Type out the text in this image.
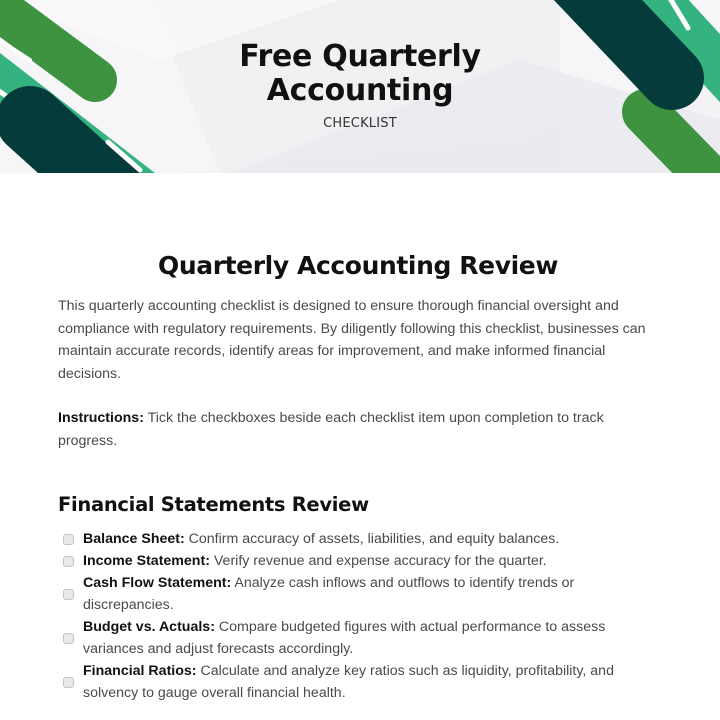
Free Quarterly
Accounting
CHECKLIST
Quarterly Accounting Review

This quarterly accounting checklist is designed to ensure thorough financial oversight and compliance with regulatory requirements. By diligently following this checklist, businesses can maintain accurate records, identify areas for improvement, and make informed financial decisions.

Instructions: Tick the checkboxes beside each checklist item upon completion to track progress.

Financial Statements Review
Balance Sheet: Confirm accuracy of assets, liabilities, and equity balances.
Income Statement: Verify revenue and expense accuracy for the quarter.
Cash Flow Statement: Analyze cash inflows and outflows to identify trends or discrepancies.
Budget vs. Actuals: Compare budgeted figures with actual performance to assess variances and adjust forecasts accordingly.
Financial Ratios: Calculate and analyze key ratios such as liquidity, profitability, and solvency to gauge overall financial health.
